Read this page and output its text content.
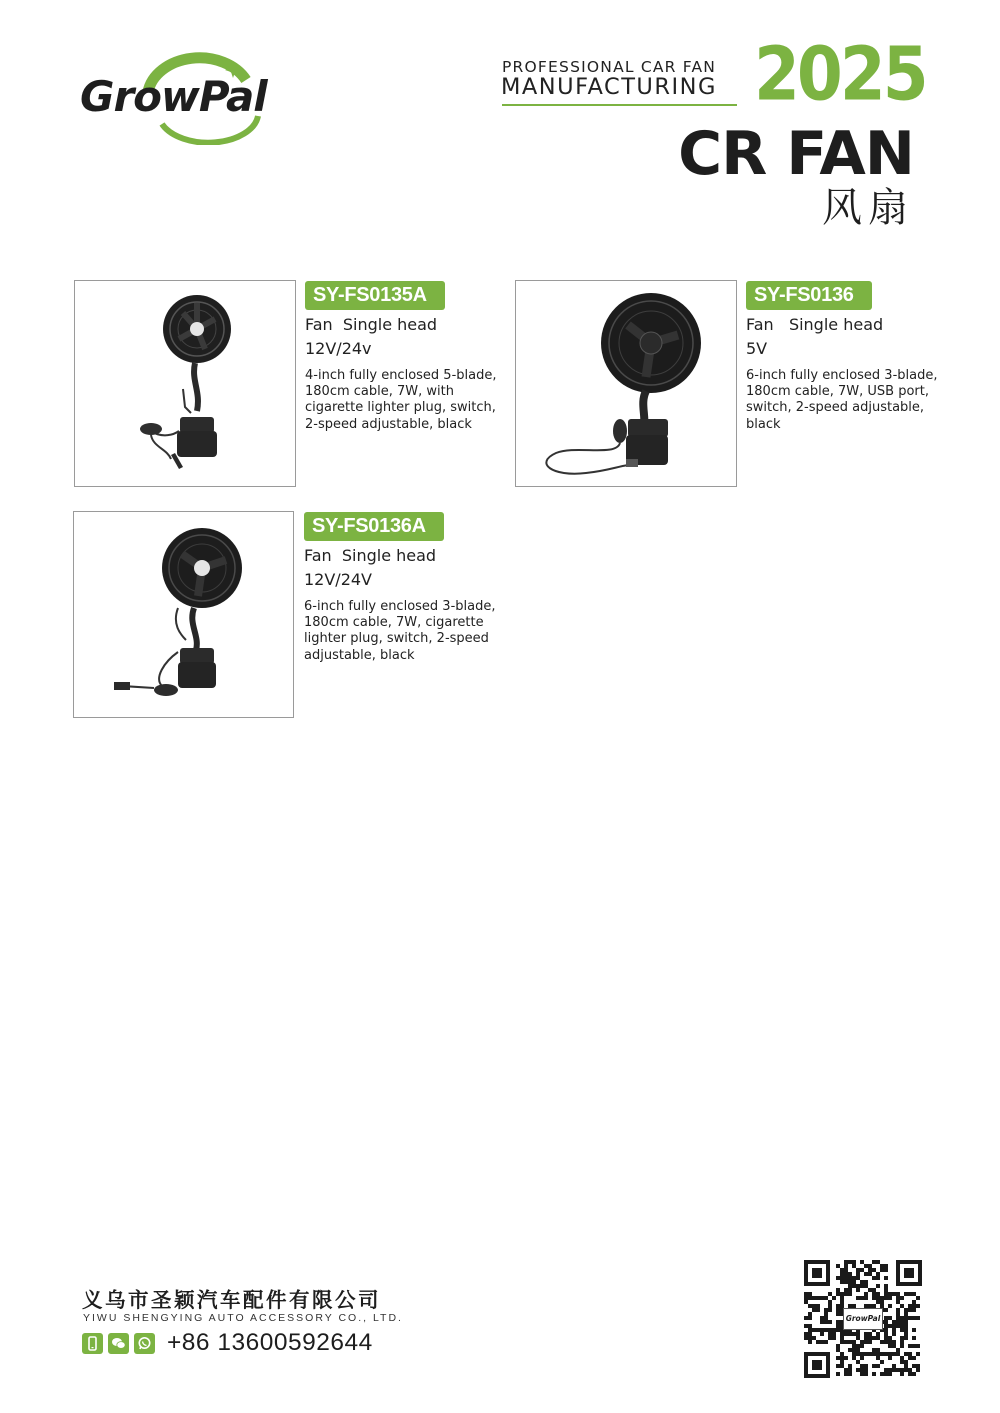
GrowPal
PROFESSIONAL CAR FAN
MANUFACTURING 2025
CR FAN
风扇
SY-FS0135A
Fan  Single head
12V/24v
4-inch fully enclosed 5-blade, 180cm cable, 7W, with cigarette lighter plug, switch, 2-speed adjustable, black
SY-FS0136
Fan   Single head
5V
6-inch fully enclosed 3-blade, 180cm cable, 7W, USB port, switch, 2-speed adjustable, black
SY-FS0136A
Fan  Single head
12V/24V
6-inch fully enclosed 3-blade, 180cm cable, 7W, cigarette lighter plug, switch, 2-speed adjustable, black
义乌市圣颖汽车配件有限公司
YIWU SHENGYING AUTO ACCESSORY CO., LTD.
+86 13600592644
GrowPal
